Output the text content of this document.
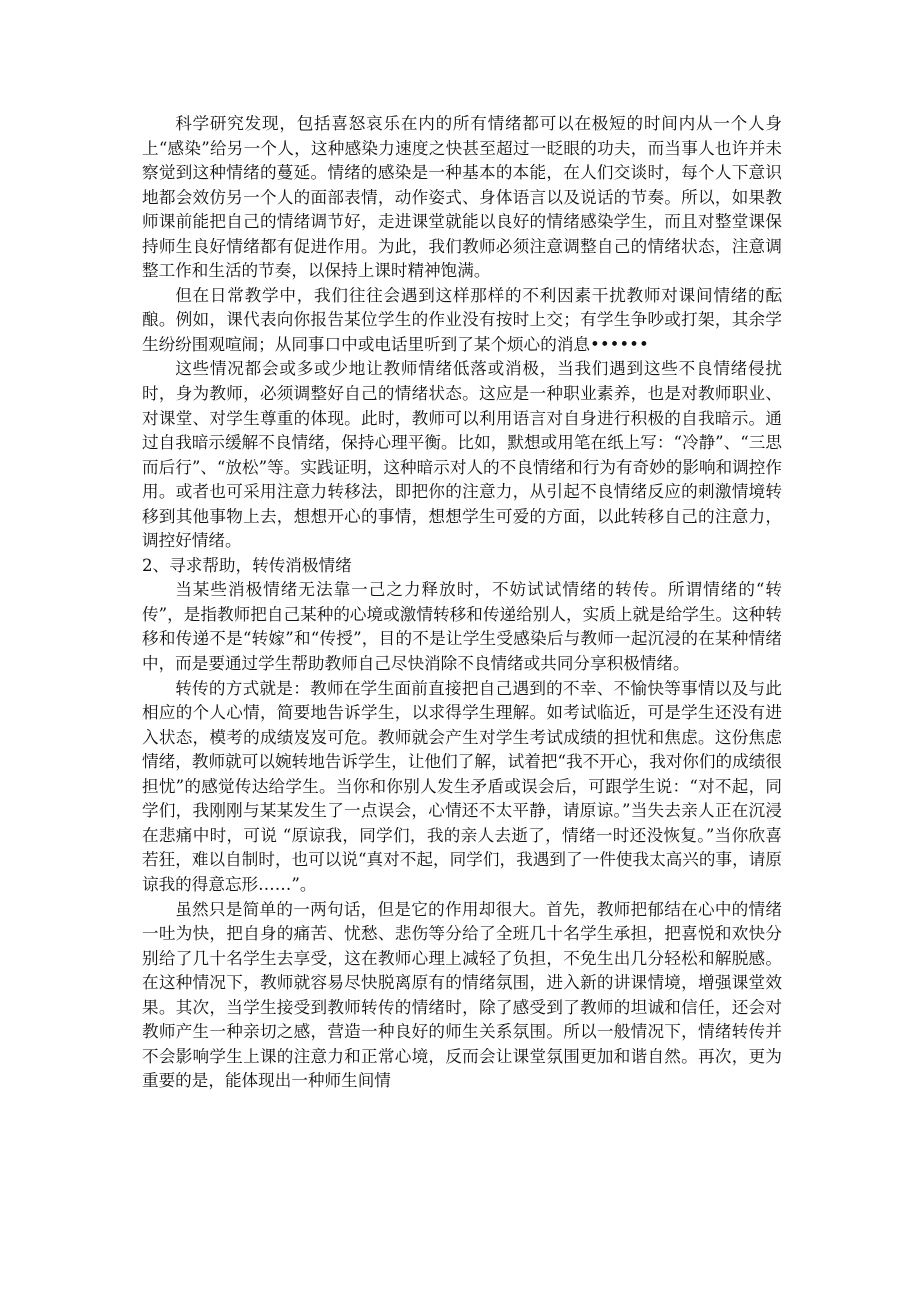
科学研究发现，包括喜怒哀乐在内的所有情绪都可以在极短的时间内从一个人身上“感染”给另一个人，这种感染力速度之快甚至超过一眨眼的功夫，而当事人也许并未察觉到这种情绪的蔓延。情绪的感染是一种基本的本能，在人们交谈时，每个人下意识地都会效仿另一个人的面部表情，动作姿式、身体语言以及说话的节奏。所以，如果教师课前能把自己的情绪调节好，走进课堂就能以良好的情绪感染学生，而且对整堂课保持师生良好情绪都有促进作用。为此，我们教师必须注意调整自己的情绪状态，注意调整工作和生活的节奏，以保持上课时精神饱满。

但在日常教学中，我们往往会遇到这样那样的不利因素干扰教师对课间情绪的酝酿。例如，课代表向你报告某位学生的作业没有按时上交；有学生争吵或打架，其余学生纷纷围观喧闹；从同事口中或电话里听到了某个烦心的消息••••••

这些情况都会或多或少地让教师情绪低落或消极，当我们遇到这些不良情绪侵扰时，身为教师，必须调整好自己的情绪状态。这应是一种职业素养，也是对教师职业、对课堂、对学生尊重的体现。此时，教师可以利用语言对自身进行积极的自我暗示。通过自我暗示缓解不良情绪，保持心理平衡。比如，默想或用笔在纸上写：“冷静”、“三思而后行”、“放松”等。实践证明，这种暗示对人的不良情绪和行为有奇妙的影响和调控作用。或者也可采用注意力转移法，即把你的注意力，从引起不良情绪反应的刺激情境转移到其他事物上去，想想开心的事情，想想学生可爱的方面，以此转移自己的注意力，调控好情绪。

2、寻求帮助，转传消极情绪

当某些消极情绪无法靠一己之力释放时，不妨试试情绪的转传。所谓情绪的“转传”，是指教师把自己某种的心境或激情转移和传递给别人，实质上就是给学生。这种转移和传递不是“转嫁”和“传授”，目的不是让学生受感染后与教师一起沉浸的在某种情绪中，而是要通过学生帮助教师自己尽快消除不良情绪或共同分享积极情绪。

转传的方式就是：教师在学生面前直接把自己遇到的不幸、不愉快等事情以及与此相应的个人心情，简要地告诉学生，以求得学生理解。如考试临近，可是学生还没有进入状态，模考的成绩岌岌可危。教师就会产生对学生考试成绩的担忧和焦虑。这份焦虑情绪，教师就可以婉转地告诉学生，让他们了解，试着把“我不开心，我对你们的成绩很担忧”的感觉传达给学生。当你和你别人发生矛盾或误会后，可跟学生说：“对不起，同学们，我刚刚与某某发生了一点误会，心情还不太平静，请原谅。”当失去亲人正在沉浸在悲痛中时，可说 “原谅我，同学们，我的亲人去逝了，情绪一时还没恢复。”当你欣喜若狂，难以自制时，也可以说“真对不起，同学们，我遇到了一件使我太高兴的事，请原谅我的得意忘形……”。

虽然只是简单的一两句话，但是它的作用却很大。首先，教师把郁结在心中的情绪一吐为快，把自身的痛苦、忧愁、悲伤等分给了全班几十名学生承担，把喜悦和欢快分别给了几十名学生去享受，这在教师心理上减轻了负担，不免生出几分轻松和解脱感。在这种情况下，教师就容易尽快脱离原有的情绪氛围，进入新的讲课情境，增强课堂效果。其次，当学生接受到教师转传的情绪时，除了感受到了教师的坦诚和信任，还会对教师产生一种亲切之感，营造一种良好的师生关系氛围。所以一般情况下，情绪转传并不会影响学生上课的注意力和正常心境，反而会让课堂氛围更加和谐自然。再次，更为重要的是，能体现出一种师生间情
